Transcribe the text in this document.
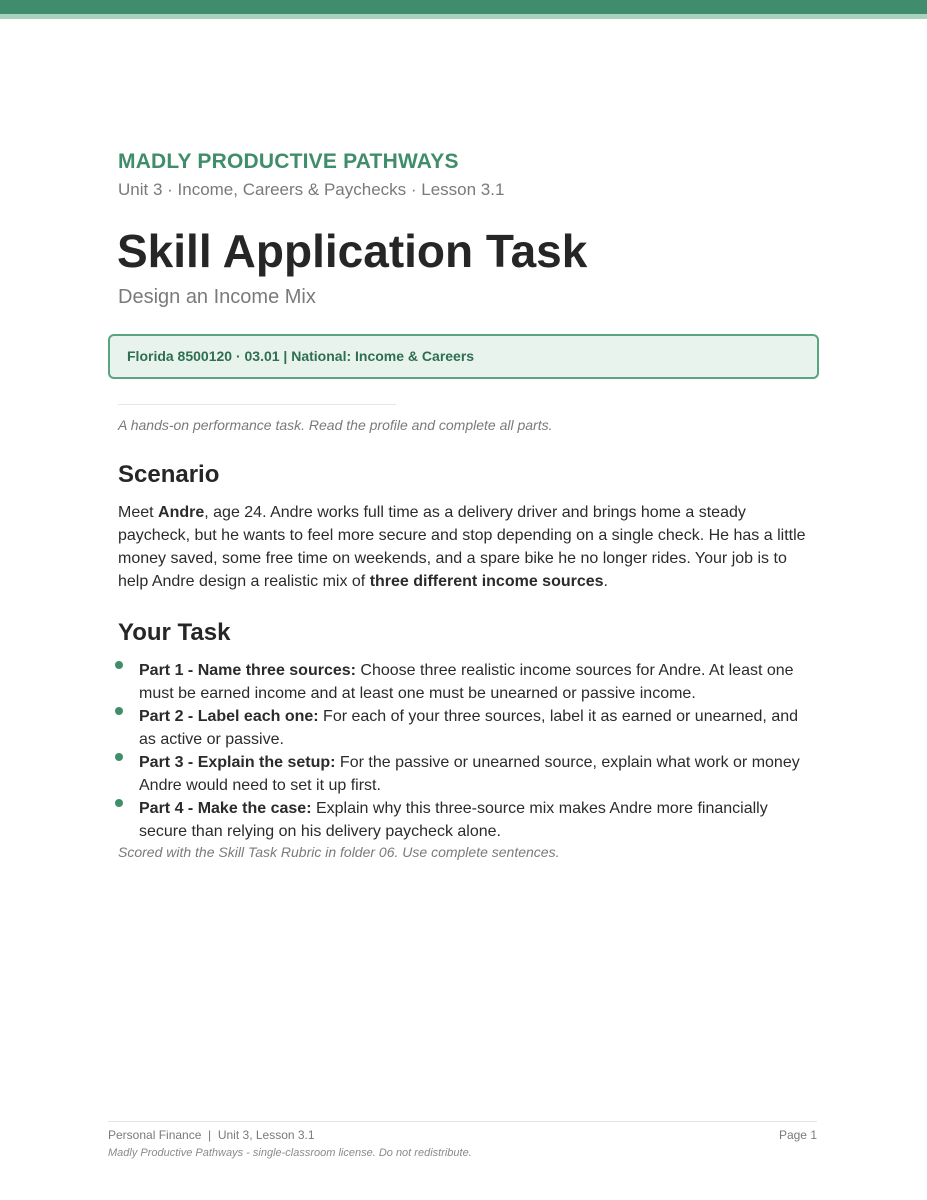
MADLY PRODUCTIVE PATHWAYS
Unit 3 · Income, Careers & Paychecks · Lesson 3.1
Skill Application Task
Design an Income Mix
Florida 8500120 · 03.01 | National: Income & Careers
A hands-on performance task. Read the profile and complete all parts.
Scenario
Meet Andre, age 24. Andre works full time as a delivery driver and brings home a steady paycheck, but he wants to feel more secure and stop depending on a single check. He has a little money saved, some free time on weekends, and a spare bike he no longer rides. Your job is to help Andre design a realistic mix of three different income sources.
Your Task
Part 1 - Name three sources: Choose three realistic income sources for Andre. At least one must be earned income and at least one must be unearned or passive income.
Part 2 - Label each one: For each of your three sources, label it as earned or unearned, and as active or passive.
Part 3 - Explain the setup: For the passive or unearned source, explain what work or money Andre would need to set it up first.
Part 4 - Make the case: Explain why this three-source mix makes Andre more financially secure than relying on his delivery paycheck alone.
Scored with the Skill Task Rubric in folder 06. Use complete sentences.
Personal Finance  |  Unit 3, Lesson 3.1	Page 1
Madly Productive Pathways - single-classroom license. Do not redistribute.
